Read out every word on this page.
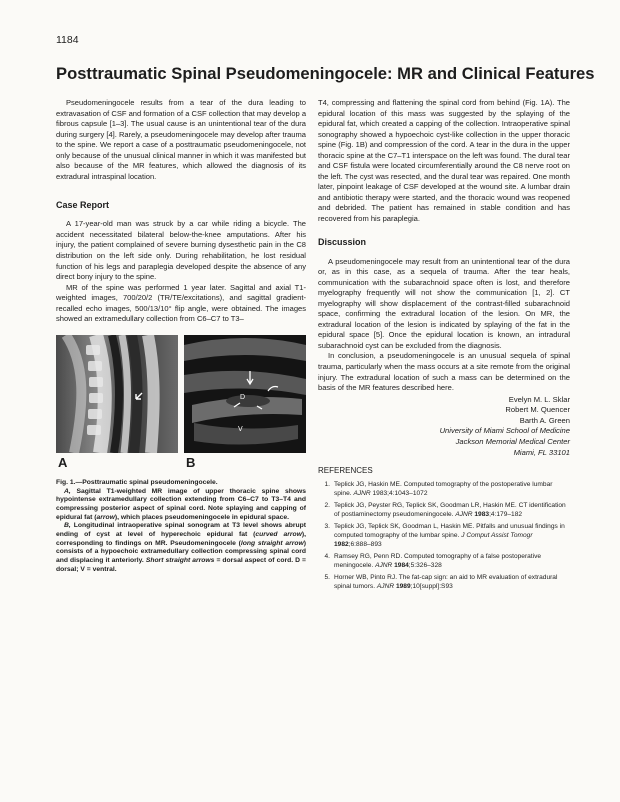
1184
Posttraumatic Spinal Pseudomeningocele: MR and Clinical Features

Pseudomeningocele results from a tear of the dura leading to extravasation of CSF and formation of a CSF collection that may develop a fibrous capsule [1–3]. The usual cause is an unintentional tear of the dura during surgery [4]. Rarely, a pseudomeningocele may develop after trauma to the spine. We report a case of a posttraumatic pseudomeningocele, not only because of the unusual clinical manner in which it was manifested but also because of the MR features, which allowed the diagnosis of its extradural intraspinal location.

Case Report

A 17-year-old man was struck by a car while riding a bicycle. The accident necessitated bilateral below-the-knee amputations. After his injury, the patient complained of severe burning dysesthetic pain in the C8 distribution on the left side only. During rehabilitation, he lost residual function of his legs and paraplegia developed despite the absence of any direct bony injury to the spine.

MR of the spine was performed 1 year later. Sagittal and axial T1-weighted images, 700/20/2 (TR/TE/excitations), and sagittal gradient-recalled echo images, 500/13/10° flip angle, were obtained. The images showed an extramedullary collection from C6–C7 to T3–

D
V
A	B
Fig. 1.—Posttraumatic spinal pseudomeningocele.
A, Sagittal T1-weighted MR image of upper thoracic spine shows hypointense extramedullary collection extending from C6–C7 to T3–T4 and compressing posterior aspect of spinal cord. Note splaying and capping of epidural fat (arrow), which places pseudomeningocele in epidural space.
B, Longitudinal intraoperative spinal sonogram at T3 level shows abrupt ending of cyst at level of hyperechoic epidural fat (curved arrow), corresponding to findings on MR. Pseudomeningocele (long straight arrow) consists of a hypoechoic extramedullary collection compressing spinal cord and displacing it anteriorly. Short straight arrows = dorsal aspect of cord. D = dorsal; V = ventral.

T4, compressing and flattening the spinal cord from behind (Fig. 1A). The epidural location of this mass was suggested by the splaying of the epidural fat, which created a capping of the collection. Intraoperative spinal sonography showed a hypoechoic cyst-like collection in the upper thoracic spine (Fig. 1B) and compression of the cord. A tear in the dura in the upper thoracic spine at the C7–T1 interspace on the left was found. The dural tear and CSF fistula were located circumferentially around the C8 nerve root on the left. The cyst was resected, and the dural tear was repaired. One month later, pinpoint leakage of CSF developed at the wound site. A lumbar drain and antibiotic therapy were started, and the thoracic wound was reopened and debrided. The patient has remained in stable condition and has recovered from his paraplegia.

Discussion

A pseudomeningocele may result from an unintentional tear of the dura or, as in this case, as a sequela of trauma. After the tear heals, communication with the subarachnoid space often is lost, and therefore myelography frequently will not show the communication [1, 2]. CT myelography will show displacement of the contrast-filled subarachnoid space, confirming the extradural location of the lesion. On MR, the extradural location of the lesion is indicated by splaying of the fat in the epidural space [5]. Once the epidural location is known, an intradural subarachnoid cyst can be excluded from the diagnosis.

In conclusion, a pseudomeningocele is an unusual sequela of spinal trauma, particularly when the mass occurs at a site remote from the original injury. The extradural location of such a mass can be determined on the basis of the MR features described here.

Evelyn M. L. Sklar
Robert M. Quencer
Barth A. Green
University of Miami School of Medicine
Jackson Memorial Medical Center
Miami, FL 33101
REFERENCES
1. Teplick JG, Haskin ME. Computed tomography of the postoperative lumbar spine. AJNR 1983;4:1043–1072
2. Teplick JG, Peyster RG, Teplick SK, Goodman LR, Haskin ME. CT identification of postlaminectomy pseudomeningocele. AJNR 1983;4:179–182
3. Teplick JG, Teplick SK, Goodman L, Haskin ME. Pitfalls and unusual findings in computed tomography of the lumbar spine. J Comput Assist Tomogr 1982;6:888–893
4. Ramsey RG, Penn RD. Computed tomography of a false postoperative meningocele. AJNR 1984;5:326–328
5. Horner WB, Pinto RJ. The fat-cap sign: an aid to MR evaluation of extradural spinal tumors. AJNR 1989;10[suppl]:S93
